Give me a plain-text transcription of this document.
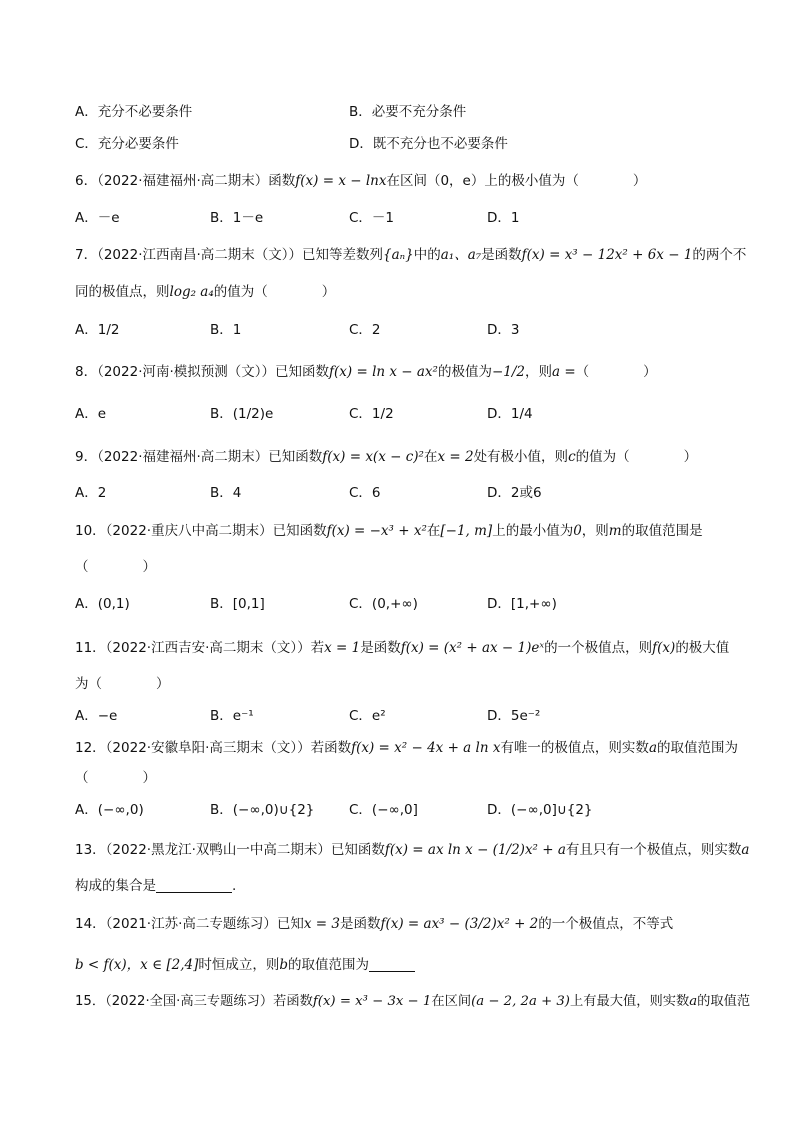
A．充分不必要条件	B．必要不充分条件
C．充分必要条件	D．既不充分也不必要条件
6．（2022·福建福州·高二期末）函数f(x) = x − lnx在区间（0，e）上的极小值为（　　　　）
A．－e	B．1－e	C．－1	D．1
7．（2022·江西南昌·高二期末（文））已知等差数列{aₙ}中的a₁、a₇是函数f(x) = x³ − 12x² + 6x − 1的两个不
同的极值点，则log₂ a₄的值为（　　　　）
A．1/2	B．1	C．2	D．3
8．（2022·河南·模拟预测（文））已知函数f(x) = ln x − ax²的极值为−1/2，则a =（　　　　）
A．e	B．(1/2)e	C．1/2	D．1/4
9．（2022·福建福州·高二期末）已知函数f(x) = x(x − c)²在x = 2处有极小值，则c的值为（　　　　）
A．2	B．4	C．6	D．2或6
10．（2022·重庆八中高二期末）已知函数f(x) = −x³ + x²在[−1, m]上的最小值为0，则m的取值范围是
（　　　　）
A．(0,1)	B．[0,1]	C．(0,+∞)	D．[1,+∞)
11．（2022·江西吉安·高二期末（文））若x = 1是函数f(x) = (x² + ax − 1)eˣ的一个极值点，则f(x)的极大值
为（　　　　）
A．−e	B．e⁻¹	C．e²	D．5e⁻²
12．（2022·安徽阜阳·高三期末（文））若函数f(x) = x² − 4x + a ln x有唯一的极值点，则实数a的取值范围为
（　　　　）
A．(−∞,0)	B．(−∞,0)∪{2}	C．(−∞,0]	D．(−∞,0]∪{2}
13．（2022·黑龙江·双鸭山一中高二期末）已知函数f(x) = ax ln x − (1/2)x² + a有且只有一个极值点，则实数a
构成的集合是	.
14．（2021·江苏·高二专题练习）已知x = 3是函数f(x) = ax³ − (3/2)x² + 2的一个极值点，不等式
b < f(x)，x ∈ [2,4]时恒成立，则b的取值范围为
15．（2022·全国·高三专题练习）若函数f(x) = x³ − 3x − 1在区间(a − 2, 2a + 3)上有最大值，则实数a的取值范
